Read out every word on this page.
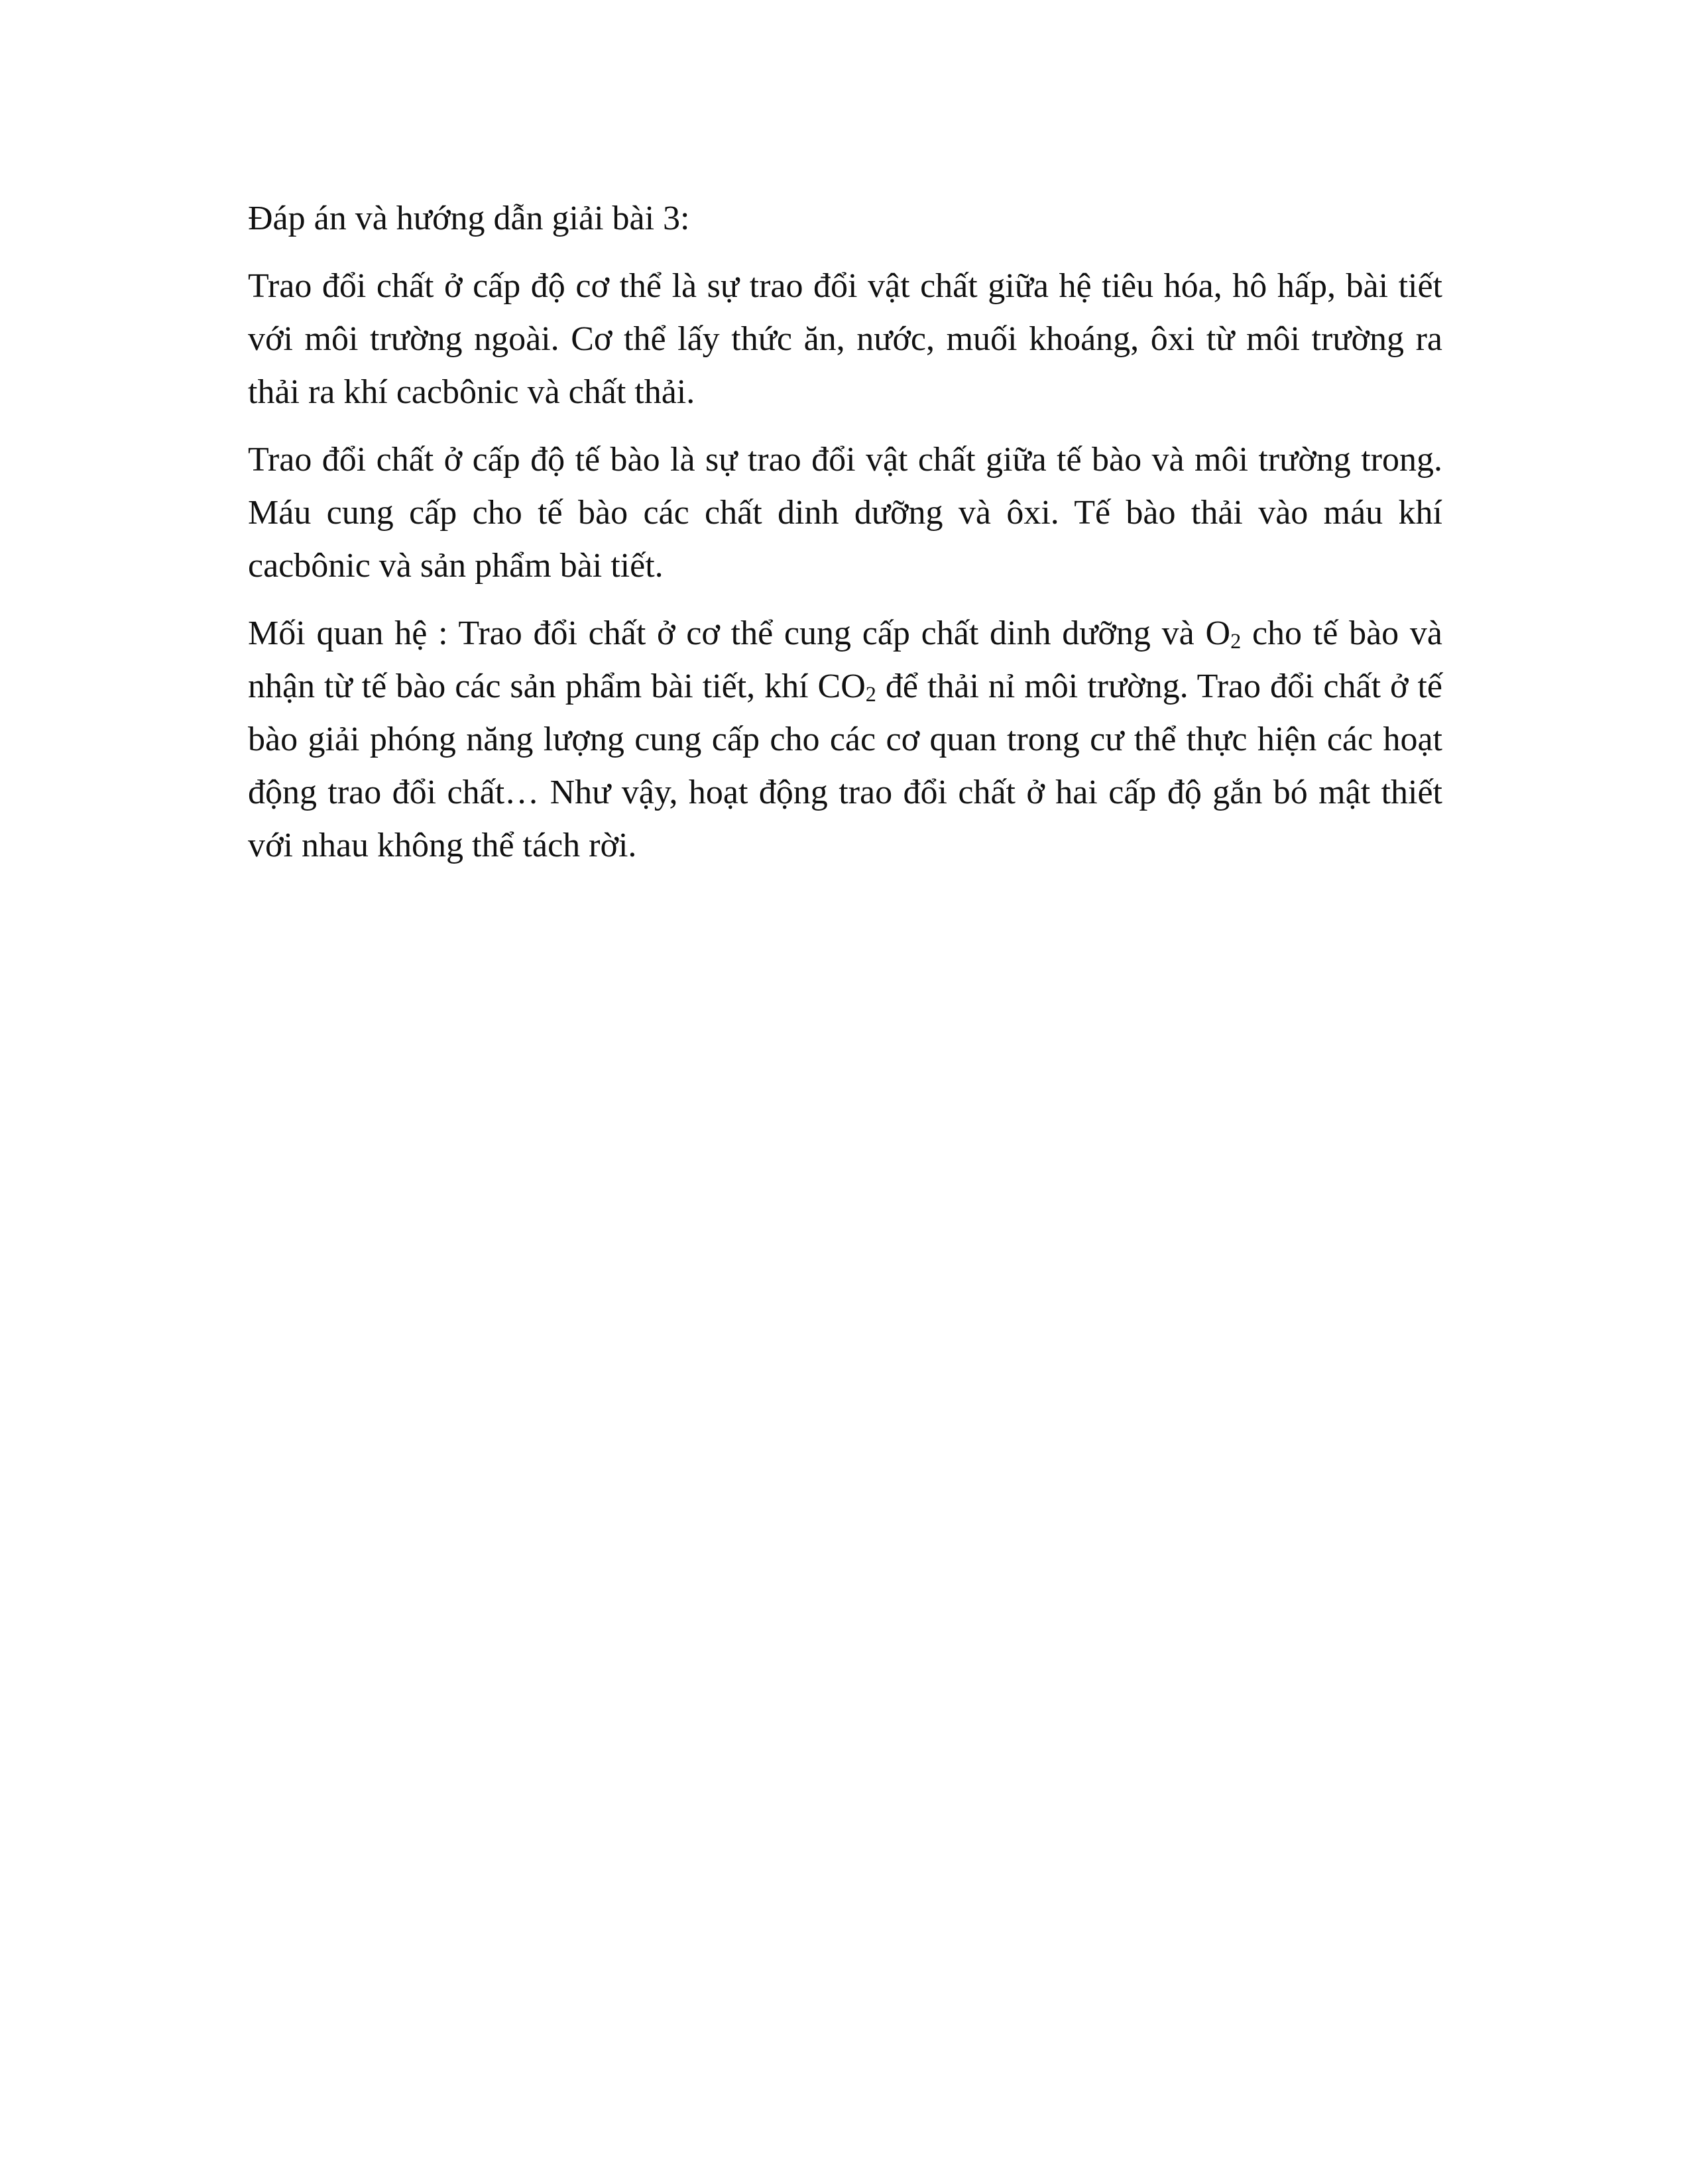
Đáp án và hướng dẫn giải bài 3:

Trao đổi chất ở cấp độ cơ thể là sự trao đổi vật chất giữa hệ tiêu hóa, hô hấp, bài tiết với môi trường ngoài. Cơ thể lấy thức ăn, nước, muối khoáng, ôxi từ môi trường ra thải ra khí cacbônic và chất thải.

Trao đổi chất ở cấp độ tế bào là sự trao đổi vật chất giữa tế bào và môi trường trong. Máu cung cấp cho tế bào các chất dinh dưỡng và ôxi. Tế bào thải vào máu khí cacbônic và sản phẩm bài tiết.

Mối quan hệ : Trao đổi chất ở cơ thể cung cấp chất dinh dưỡng và $O_2$ cho tế bào và nhận từ tế bào các sản phẩm bài tiết, khí $CO_2$ để thải nỉ môi trường. Trao đổi chất ở tế bào giải phóng năng lượng cung cấp cho các cơ quan trong cư thể thực hiện các hoạt động trao đổi chất… Như vậy, hoạt động trao đổi chất ở hai cấp độ gắn bó mật thiết với nhau không thể tách rời.
